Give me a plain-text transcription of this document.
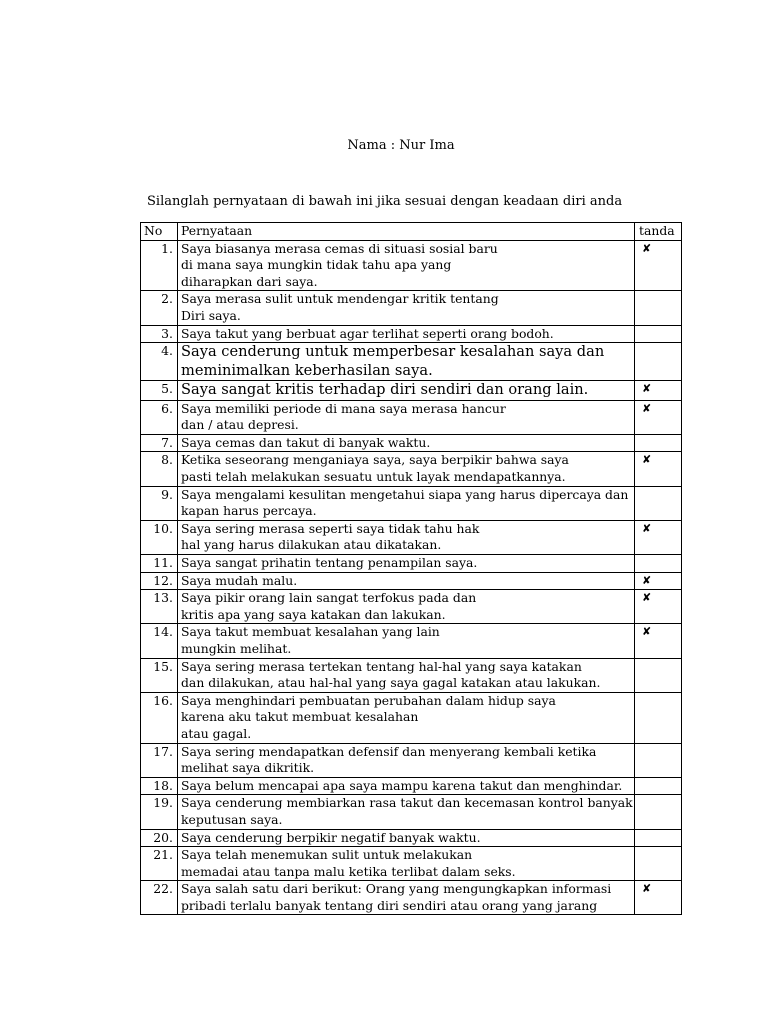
Nama : Nur Ima
Silanglah pernyataan di bawah ini jika sesuai dengan keadaan diri anda
No	Pernyataan	tanda
1.	Saya biasanya merasa cemas di situasi sosial baru
di mana saya mungkin tidak tahu apa yang
diharapkan dari saya.	✘
2.	Saya merasa sulit untuk mendengar kritik tentang
Diri saya.	
3.	Saya takut yang berbuat agar terlihat seperti orang bodoh.	
4.	Saya cenderung untuk memperbesar kesalahan saya dan
meminimalkan keberhasilan saya.	
5.	Saya sangat kritis terhadap diri sendiri dan orang lain.	✘
6.	Saya memiliki periode di mana saya merasa hancur
dan / atau depresi.	✘
7.	Saya cemas dan takut di banyak waktu.	
8.	Ketika seseorang menganiaya saya, saya berpikir bahwa saya
pasti telah melakukan sesuatu untuk layak mendapatkannya.	✘
9.	Saya mengalami kesulitan mengetahui siapa yang harus dipercaya dan
kapan harus percaya.	
10.	Saya sering merasa seperti saya tidak tahu hak
hal yang harus dilakukan atau dikatakan.	✘
11.	Saya sangat prihatin tentang penampilan saya.	
12.	Saya mudah malu.	✘
13.	Saya pikir orang lain sangat terfokus pada dan
kritis apa yang saya katakan dan lakukan.	✘
14.	Saya takut membuat kesalahan yang lain
mungkin melihat.	✘
15.	Saya sering merasa tertekan tentang hal-hal yang saya katakan
dan dilakukan, atau hal-hal yang saya gagal katakan atau lakukan.	
16.	Saya menghindari pembuatan perubahan dalam hidup saya
karena aku takut membuat kesalahan
atau gagal.	
17.	Saya sering mendapatkan defensif dan menyerang kembali ketika
melihat saya dikritik.	
18.	Saya belum mencapai apa saya mampu karena takut dan menghindar.	
19.	Saya cenderung membiarkan rasa takut dan kecemasan kontrol banyak
keputusan saya.	
20.	Saya cenderung berpikir negatif banyak waktu.	
21.	Saya telah menemukan sulit untuk melakukan
memadai atau tanpa malu ketika terlibat dalam seks.	
22.	Saya salah satu dari berikut: Orang yang mengungkapkan informasi
pribadi terlalu banyak tentang diri sendiri atau orang yang jarang	✘
